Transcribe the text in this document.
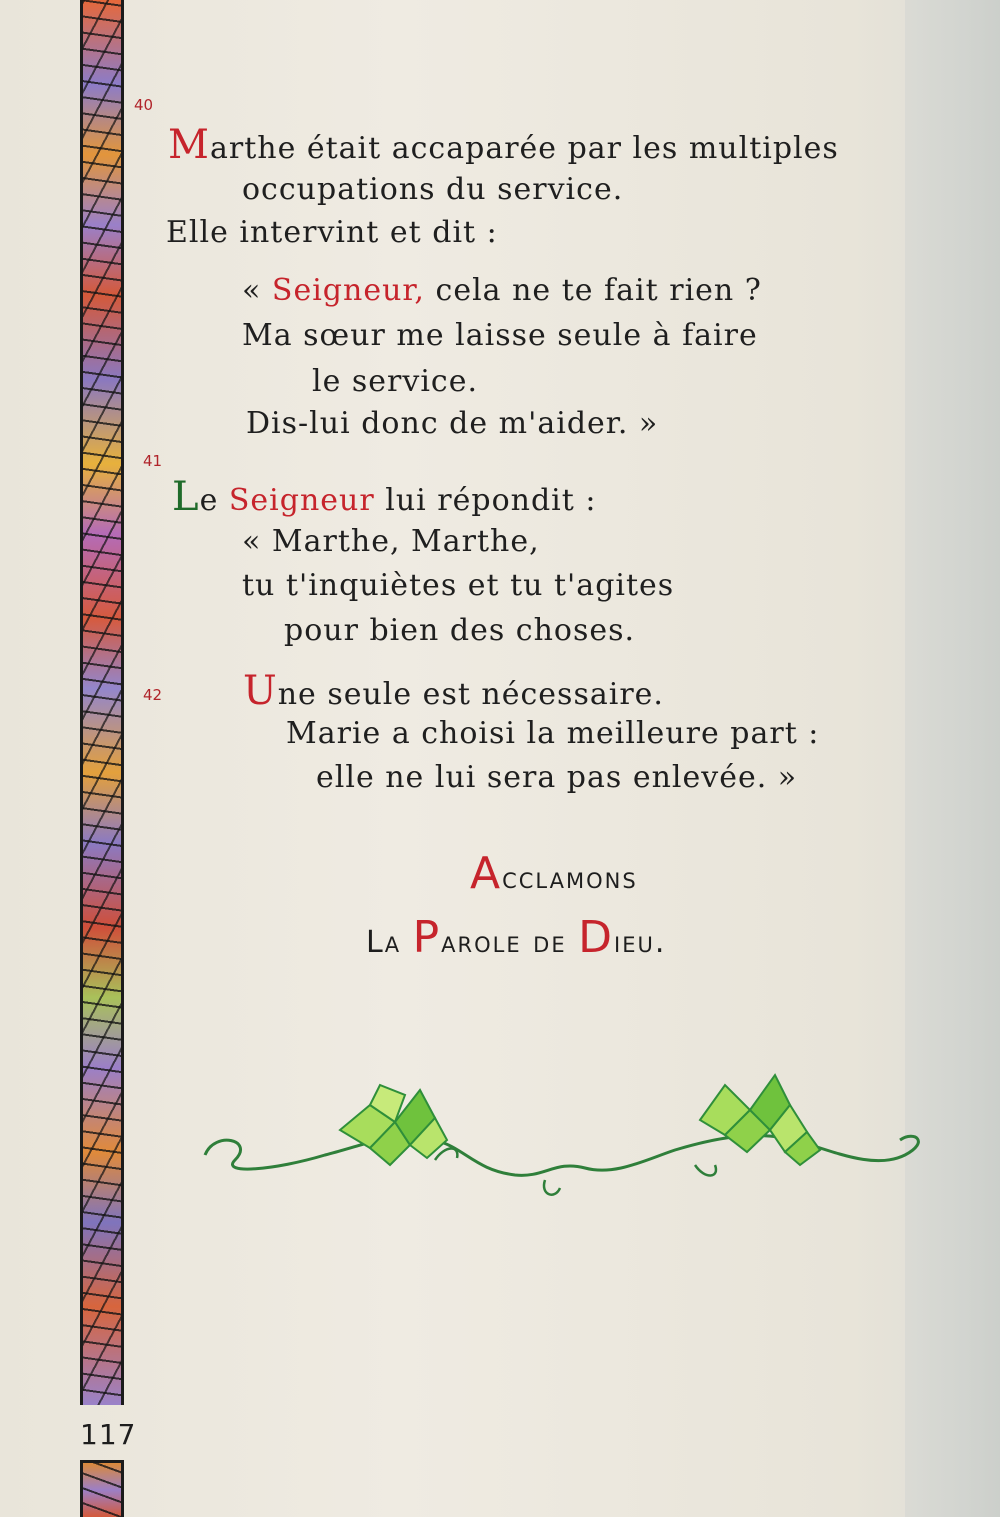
117
40
41
42
Marthe était accaparée par les multiples
occupations du service.
Elle intervint et dit :
« Seigneur, cela ne te fait rien ?
Ma sœur me laisse seule à faire
le service.
Dis-lui donc de m'aider. »
Le Seigneur lui répondit :
« Marthe, Marthe,
tu t'inquiètes et tu t'agites
pour bien des choses.
Une seule est nécessaire.
Marie a choisi la meilleure part :
elle ne lui sera pas enlevée. »
Acclamons
La Parole de Dieu.
